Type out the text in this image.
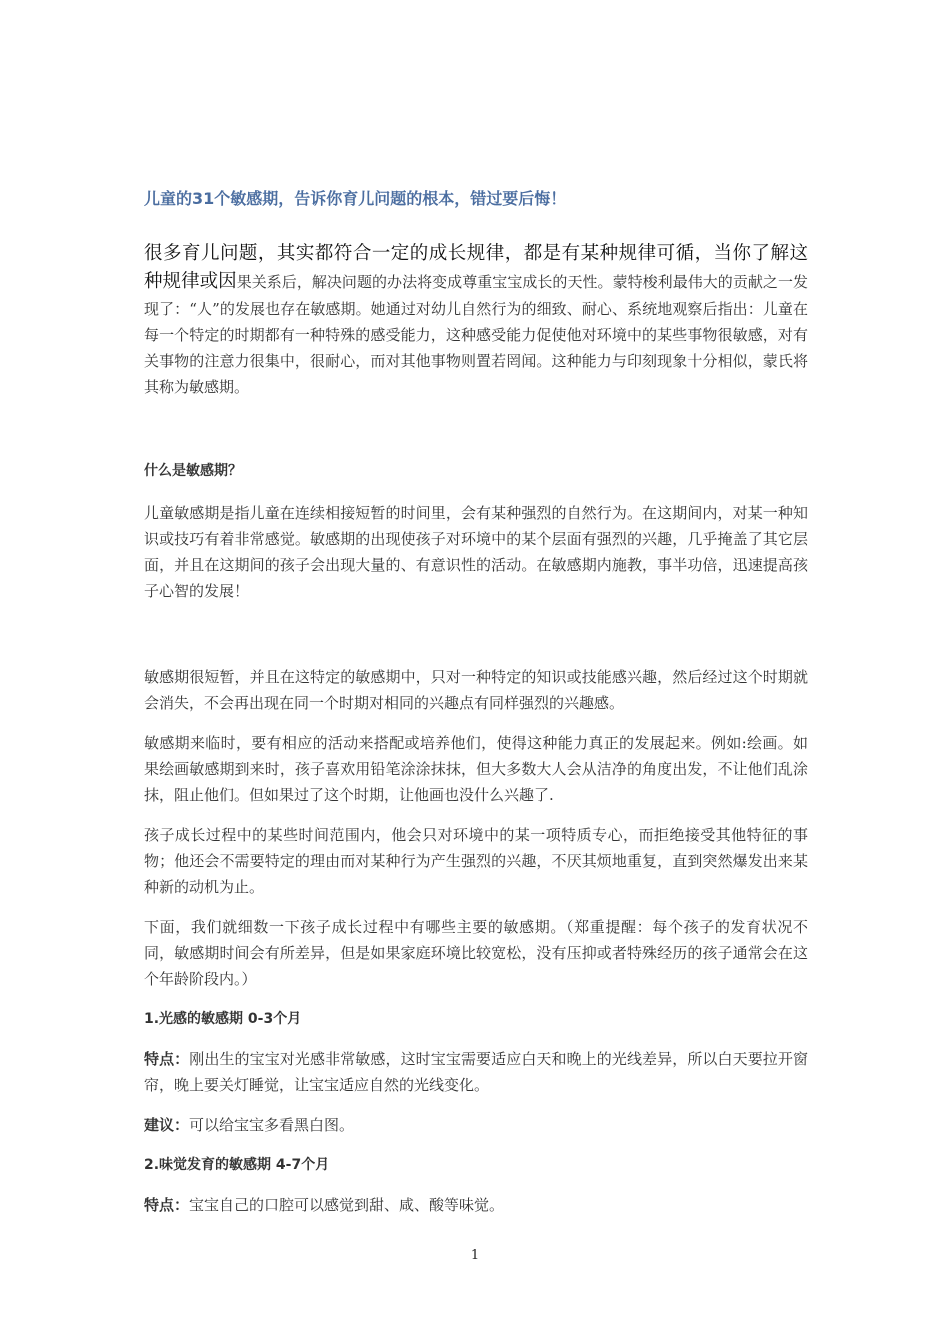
儿童的31个敏感期，告诉你育儿问题的根本，错过要后悔！

很多育儿问题，其实都符合一定的成长规律，都是有某种规律可循，当你了解这种规律或因果关系后，解决问题的办法将变成尊重宝宝成长的天性。蒙特梭利最伟大的贡献之一发现了：“人”的发展也存在敏感期。她通过对幼儿自然行为的细致、耐心、系统地观察后指出：儿童在每一个特定的时期都有一种特殊的感受能力，这种感受能力促使他对环境中的某些事物很敏感，对有关事物的注意力很集中，很耐心，而对其他事物则置若罔闻。这种能力与印刻现象十分相似，蒙氏将其称为敏感期。

什么是敏感期？

儿童敏感期是指儿童在连续相接短暂的时间里，会有某种强烈的自然行为。在这期间内，对某一种知识或技巧有着非常感觉。敏感期的出现使孩子对环境中的某个层面有强烈的兴趣，几乎掩盖了其它层面，并且在这期间的孩子会出现大量的、有意识性的活动。在敏感期内施教，事半功倍，迅速提高孩子心智的发展！

敏感期很短暂，并且在这特定的敏感期中，只对一种特定的知识或技能感兴趣，然后经过这个时期就会消失，不会再出现在同一个时期对相同的兴趣点有同样强烈的兴趣感。

敏感期来临时，要有相应的活动来搭配或培养他们，使得这种能力真正的发展起来。例如:绘画。如果绘画敏感期到来时，孩子喜欢用铅笔涂涂抹抹，但大多数大人会从洁净的角度出发，不让他们乱涂抹，阻止他们。但如果过了这个时期，让他画也没什么兴趣了.

孩子成长过程中的某些时间范围内，他会只对环境中的某一项特质专心，而拒绝接受其他特征的事物；他还会不需要特定的理由而对某种行为产生强烈的兴趣，不厌其烦地重复，直到突然爆发出来某种新的动机为止。

下面，我们就细数一下孩子成长过程中有哪些主要的敏感期。（郑重提醒：每个孩子的发育状况不同，敏感期时间会有所差异，但是如果家庭环境比较宽松，没有压抑或者特殊经历的孩子通常会在这个年龄阶段内。）

1.光感的敏感期 0-3个月

特点：刚出生的宝宝对光感非常敏感，这时宝宝需要适应白天和晚上的光线差异，所以白天要拉开窗帘，晚上要关灯睡觉，让宝宝适应自然的光线变化。

建议：可以给宝宝多看黑白图。

2.味觉发育的敏感期 4-7个月

特点：宝宝自己的口腔可以感觉到甜、咸、酸等味觉。

1
